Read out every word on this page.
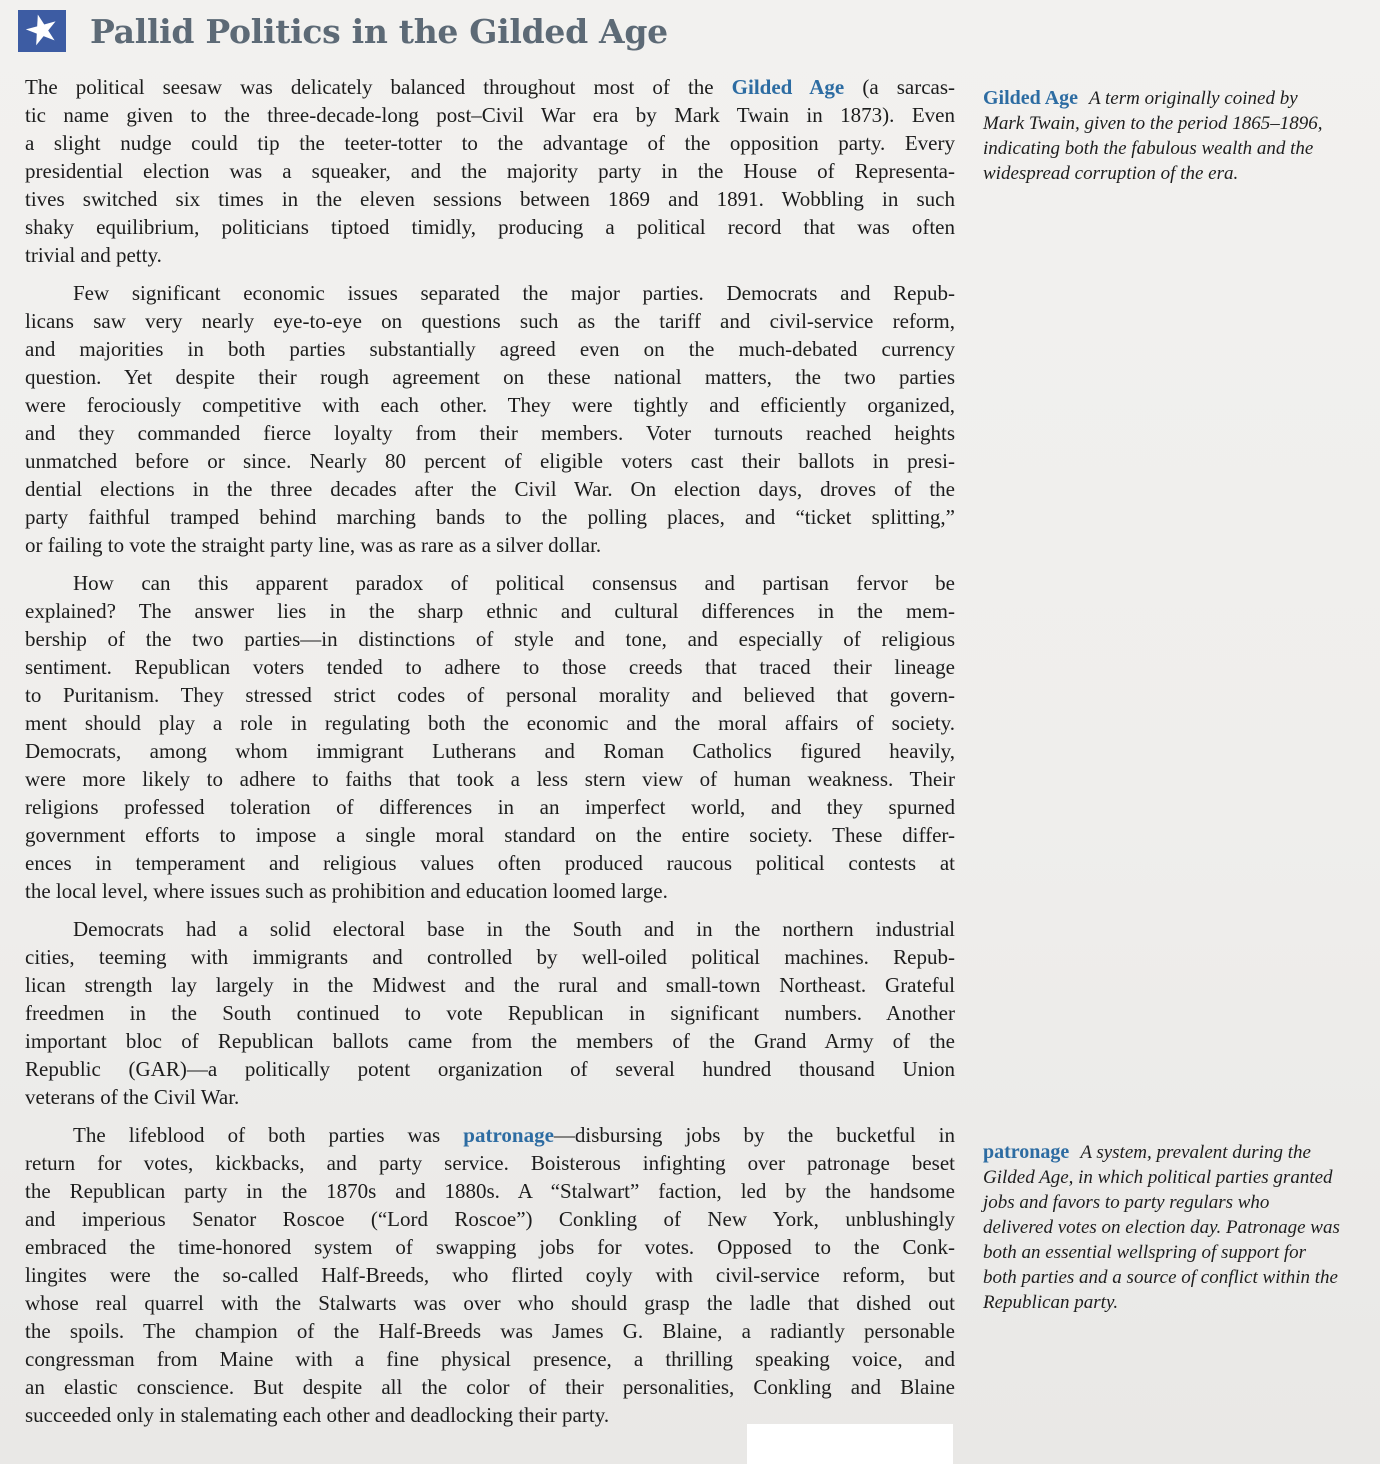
★ Pallid Politics in the Gilded Age

The political seesaw was delicately balanced throughout most of the Gilded Age (a sarcas-
tic name given to the three-decade-long post–Civil War era by Mark Twain in 1873). Even
a slight nudge could tip the teeter-totter to the advantage of the opposition party. Every
presidential election was a squeaker, and the majority party in the House of Representa-
tives switched six times in the eleven sessions between 1869 and 1891. Wobbling in such
shaky equilibrium, politicians tiptoed timidly, producing a political record that was often
trivial and petty.

Few significant economic issues separated the major parties. Democrats and Repub-
licans saw very nearly eye-to-eye on questions such as the tariff and civil-service reform,
and majorities in both parties substantially agreed even on the much-debated currency
question. Yet despite their rough agreement on these national matters, the two parties
were ferociously competitive with each other. They were tightly and efficiently organized,
and they commanded fierce loyalty from their members. Voter turnouts reached heights
unmatched before or since. Nearly 80 percent of eligible voters cast their ballots in presi-
dential elections in the three decades after the Civil War. On election days, droves of the
party faithful tramped behind marching bands to the polling places, and “ticket splitting,”
or failing to vote the straight party line, was as rare as a silver dollar.

How can this apparent paradox of political consensus and partisan fervor be
explained? The answer lies in the sharp ethnic and cultural differences in the mem-
bership of the two parties—in distinctions of style and tone, and especially of religious
sentiment. Republican voters tended to adhere to those creeds that traced their lineage
to Puritanism. They stressed strict codes of personal morality and believed that govern-
ment should play a role in regulating both the economic and the moral affairs of society.
Democrats, among whom immigrant Lutherans and Roman Catholics figured heavily,
were more likely to adhere to faiths that took a less stern view of human weakness. Their
religions professed toleration of differences in an imperfect world, and they spurned
government efforts to impose a single moral standard on the entire society. These differ-
ences in temperament and religious values often produced raucous political contests at
the local level, where issues such as prohibition and education loomed large.

Democrats had a solid electoral base in the South and in the northern industrial
cities, teeming with immigrants and controlled by well-oiled political machines. Repub-
lican strength lay largely in the Midwest and the rural and small-town Northeast. Grateful
freedmen in the South continued to vote Republican in significant numbers. Another
important bloc of Republican ballots came from the members of the Grand Army of the
Republic (GAR)—a politically potent organization of several hundred thousand Union
veterans of the Civil War.

The lifeblood of both parties was patronage—disbursing jobs by the bucketful in
return for votes, kickbacks, and party service. Boisterous infighting over patronage beset
the Republican party in the 1870s and 1880s. A “Stalwart” faction, led by the handsome
and imperious Senator Roscoe (“Lord Roscoe”) Conkling of New York, unblushingly
embraced the time-honored system of swapping jobs for votes. Opposed to the Conk-
lingites were the so-called Half-Breeds, who flirted coyly with civil-service reform, but
whose real quarrel with the Stalwarts was over who should grasp the ladle that dished out
the spoils. The champion of the Half-Breeds was James G. Blaine, a radiantly personable
congressman from Maine with a fine physical presence, a thrilling speaking voice, and
an elastic conscience. But despite all the color of their personalities, Conkling and Blaine
succeeded only in stalemating each other and deadlocking their party.

Gilded Age A term originally coined by Mark Twain, given to the period 1865–1896, indicating both the fabulous wealth and the widespread corruption of the era.
patronage A system, prevalent during the Gilded Age, in which political parties granted jobs and favors to party regulars who delivered votes on election day. Patronage was both an essential wellspring of support for both parties and a source of conflict within the Republican party.
